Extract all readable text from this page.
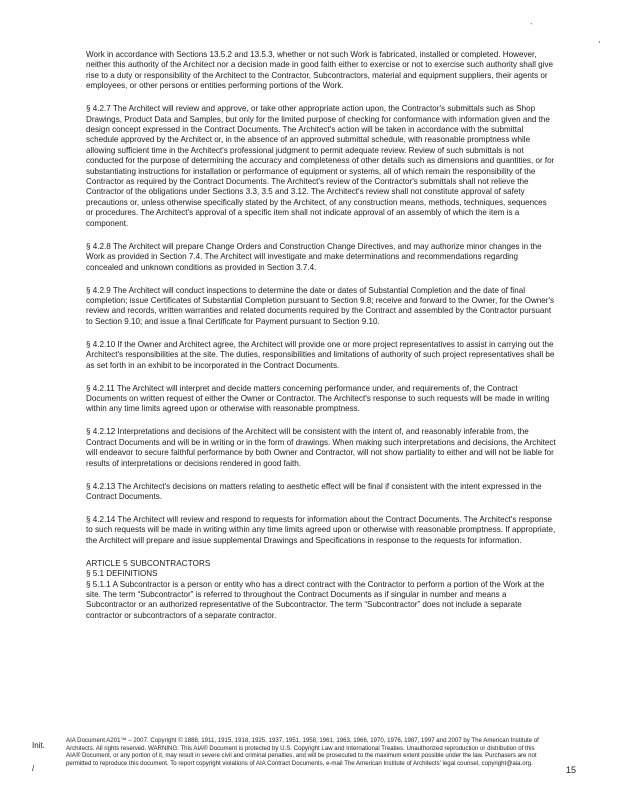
`
,

Work in accordance with Sections 13.5.2 and 13.5.3, whether or not such Work is fabricated, installed or completed. However, neither this authority of the Architect nor a decision made in good faith either to exercise or not to exercise such authority shall give rise to a duty or responsibility of the Architect to the Contractor, Subcontractors, material and equipment suppliers, their agents or employees, or other persons or entities performing portions of the Work.

§ 4.2.7 The Architect will review and approve, or take other appropriate action upon, the Contractor's submittals such as Shop Drawings, Product Data and Samples, but only for the limited purpose of checking for conformance with information given and the design concept expressed in the Contract Documents. The Architect's action will be taken in accordance with the submittal schedule approved by the Architect or, in the absence of an approved submittal schedule, with reasonable promptness while allowing sufficient time in the Architect's professional judgment to permit adequate review. Review of such submittals is not conducted for the purpose of determining the accuracy and completeness of other details such as dimensions and quantities, or for substantiating instructions for installation or performance of equipment or systems, all of which remain the responsibility of the Contractor as required by the Contract Documents. The Architect's review of the Contractor's submittals shall not relieve the Contractor of the obligations under Sections 3.3, 3.5 and 3.12. The Architect's review shall not constitute approval of safety precautions or, unless otherwise specifically stated by the Architect, of any construction means, methods, techniques, sequences or procedures. The Architect's approval of a specific item shall not indicate approval of an assembly of which the item is a component.

§ 4.2.8 The Architect will prepare Change Orders and Construction Change Directives, and may authorize minor changes in the Work as provided in Section 7.4. The Architect will investigate and make determinations and recommendations regarding concealed and unknown conditions as provided in Section 3.7.4.

§ 4.2.9 The Architect will conduct inspections to determine the date or dates of Substantial Completion and the date of final completion; issue Certificates of Substantial Completion pursuant to Section 9.8; receive and forward to the Owner, for the Owner's review and records, written warranties and related documents required by the Contract and assembled by the Contractor pursuant to Section 9.10; and issue a final Certificate for Payment pursuant to Section 9.10.

§ 4.2.10 If the Owner and Architect agree, the Architect will provide one or more project representatives to assist in carrying out the Architect's responsibilities at the site. The duties, responsibilities and limitations of authority of such project representatives shall be as set forth in an exhibit to be incorporated in the Contract Documents.

§ 4.2.11 The Architect will interpret and decide matters concerning performance under, and requirements of, the Contract Documents on written request of either the Owner or Contractor. The Architect's response to such requests will be made in writing within any time limits agreed upon or otherwise with reasonable promptness.

§ 4.2.12 Interpretations and decisions of the Architect will be consistent with the intent of, and reasonably inferable from, the Contract Documents and will be in writing or in the form of drawings. When making such interpretations and decisions, the Architect will endeavor to secure faithful performance by both Owner and Contractor, will not show partiality to either and will not be liable for results of interpretations or decisions rendered in good faith.

§ 4.2.13 The Architect's decisions on matters relating to aesthetic effect will be final if consistent with the intent expressed in the Contract Documents.

§ 4.2.14 The Architect will review and respond to requests for information about the Contract Documents. The Architect's response to such requests will be made in writing within any time limits agreed upon or otherwise with reasonable promptness. If appropriate, the Architect will prepare and issue supplemental Drawings and Specifications in response to the requests for information.

ARTICLE 5 SUBCONTRACTORS
§ 5.1 DEFINITIONS
§ 5.1.1 A Subcontractor is a person or entity who has a direct contract with the Contractor to perform a portion of the Work at the site. The term “Subcontractor” is referred to throughout the Contract Documents as if singular in number and means a Subcontractor or an authorized representative of the Subcontractor. The term “Subcontractor” does not include a separate contractor or subcontractors of a separate contractor.
Init.
/
AIA Document A201™ – 2007. Copyright © 1888, 1911, 1915, 1918, 1925, 1937, 1951, 1958, 1961, 1963, 1966, 1970, 1976, 1987, 1997 and 2007 by The American Institute of Architects. All rights reserved. WARNING: This AIA® Document is protected by U.S. Copyright Law and International Treaties. Unauthorized reproduction or distribution of this AIA® Document, or any portion of it, may result in severe civil and criminal penalties, and will be prosecuted to the maximum extent possible under the law. Purchasers are not permitted to reproduce this document. To report copyright violations of AIA Contract Documents, e-mail The American Institute of Architects' legal counsel, copyright@aia.org.
15
